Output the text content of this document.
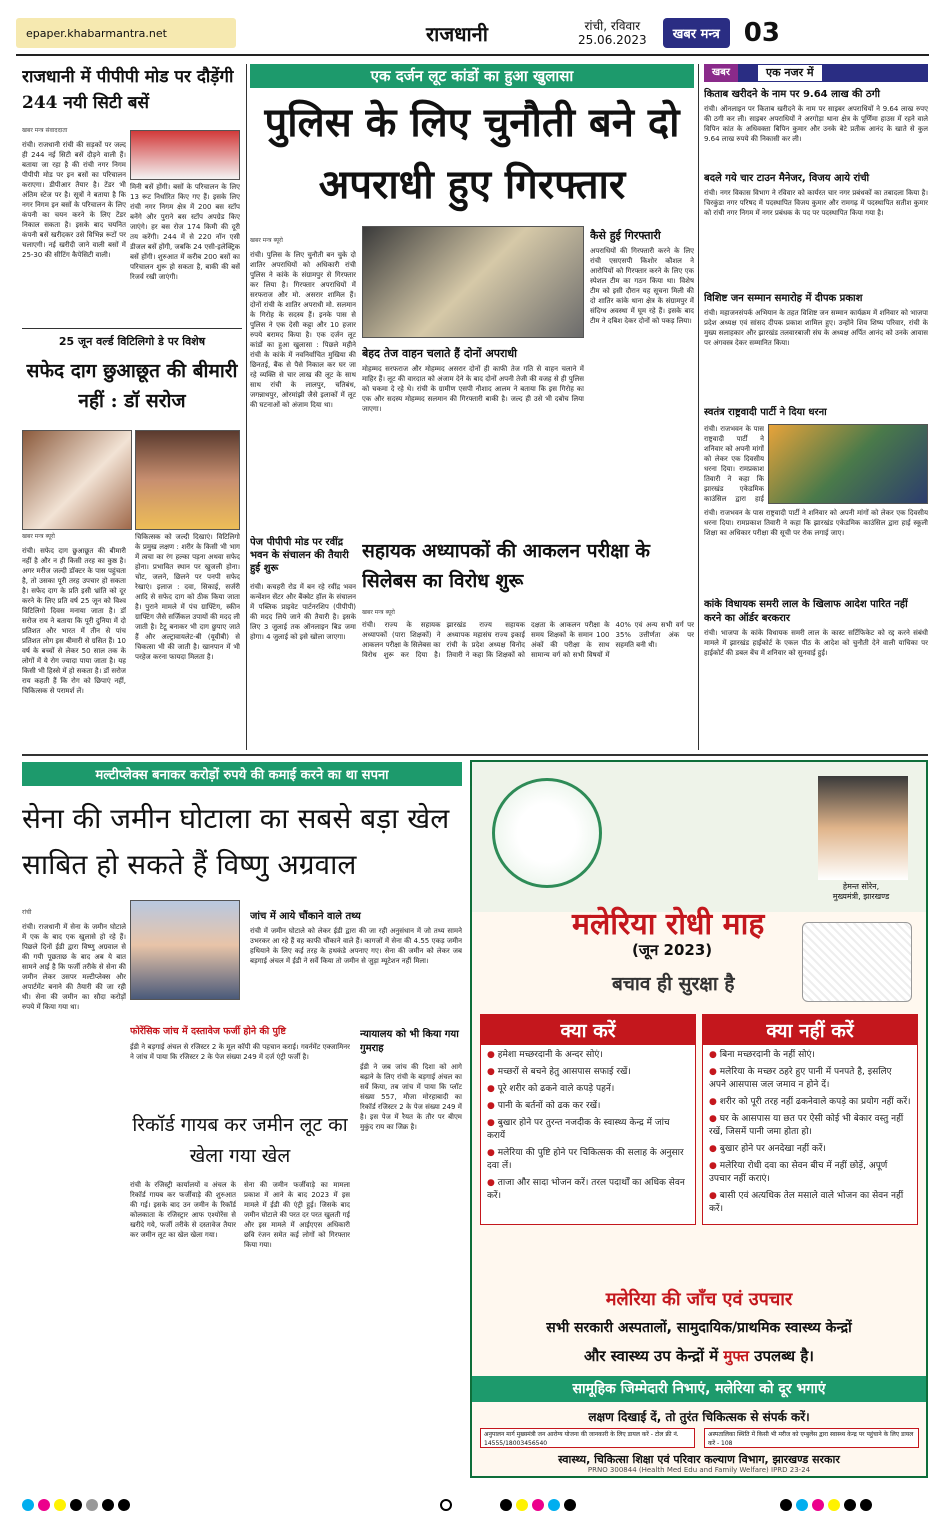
epaper.khabarmantra.net	राजधानी	रांची, रविवार
25.06.2023	खबर मन्त्र 03
राजधानी में पीपीपी मोड पर दौड़ेंगी 244 नयी सिटी बसें
खबर मन्त्र संवाददाता
रांची। राजधानी रांची की सड़कों पर जल्द ही 244 नई सिटी बसें दौड़ने वाली हैं। बताया जा रहा है की रांची नगर निगम पीपीपी मोड पर इन बसों का परिचालन कराएगा। डीपीआर तैयार है। टेंडर भी अंतिम स्टेज पर है। सूत्रों ने बताया है कि नगर निगम इन बसों के परिचालन के लिए कंपनी का चयन करने के लिए टेंडर निकाल सकता है। इसके बाद चयनित कंपनी बसें खरीदकर उसे विभिन्न रूटों पर चलाएगी। नई खरीदी जाने वाली बसों में 25-30 की सीटिंग कैपेसिटी वाली।
मिनी बसें होंगी। बसों के परिचालन के लिए 13 रूट निर्धारित किए गए हैं। इसके लिए रांची नगर निगम क्षेत्र में 200 बस स्टॉप बनेंगे और पुराने बस स्टॉप अपग्रेड किए जाएंगे। हर बस रोज 174 किमी की दूरी तय करेंगी। 244 में से 220 नॉन एसी डीजल बसें होंगी, जबकि 24 एसी-इलेक्ट्रिक बसें होंगी। शुरुआत में करीब 200 बसों का परिचालन शुरू हो सकता है, बाकी की बसें रिजर्व रखी जाएंगी।
25 जून वर्ल्ड विटिलिगो डे पर विशेष
सफेद दाग छुआछूत की बीमारी नहीं : डॉ सरोज
खबर मन्त्र ब्यूरो
रांची। सफेद दाग छुआछूत की बीमारी नहीं है और न ही किसी तरह का कुष्ठ है। अगर मरीज जल्दी डॉक्टर के पास पहुंचता है, तो उसका पूरी तरह उपचार हो सकता है। सफेद दाग के प्रति इसी भ्रांति को दूर करने के लिए प्रति वर्ष 25 जून को विश्व विटिलिगो दिवस मनाया जाता है। डॉ सरोज राय ने बताया कि पूरी दुनिया में दो प्रतिशत और भारत में तीन से पांच प्रतिशत लोग इस बीमारी से ग्रसित हैं। 10 वर्ष के बच्चों से लेकर 50 साल तक के लोगों में ये रोग ज्यादा पाया जाता है। यह किसी भी हिस्से में हो सकता है। डॉ सरोज राय कहती हैं कि रोग को छिपाएं नहीं, चिकित्सक से परामर्श लें।
चिकित्सक को जल्दी दिखाएं। विटिलिगो के प्रमुख लक्षण : शरीर के किसी भी भाग में त्वचा का रंग हल्का पड़ना अथवा सफेद होना। प्रभावित स्थान पर खुजली होना। चोट, जलने, छिलने पर पनपी सफेद रेखाएं। इलाज : दवा, सिकाई, सर्जरी आदि से सफेद दाग को ठीक किया जाता है। पुराने मामले में पंच ग्राफ्टिंग, स्कीन ग्राफ्टिंग जैसे सर्जिकल उपायों की मदद ली जाती है। टैटू बनाकर भी दाग छुपाए जाते हैं और अल्ट्रावायलेट-बी (यूवीबी) से चिकत्सा भी की जाती है। खानपान में भी परहेज करना फायदा मिलता है।
एक दर्जन लूट कांडों का हुआ खुलासा
पुलिस के लिए चुनौती बने दो अपराधी हुए गिरफ्तार
खबर मन्त्र ब्यूरो
रांची। पुलिस के लिए चुनौती बन चुके दो शातिर अपराधियों को अधिकारी रांची पुलिस ने कांके के संग्रामपुर से गिरफ्तार कर लिया है। गिरफ्तार अपराधियों में सरफराज और मो. असरार शामिल हैं। दोनों रांची के शातिर अपराधी मो. सलमान के गिरोह के सदस्य हैं। इनके पास से पुलिस ने एक देसी कट्टा और 10 हजार रुपये बरामद किया है। एक दर्जन लूट कांडों का हुआ खुलासा : पिछले महीने रांची के कांके में नवनिर्वाचित मुखिया की छिनतई, बैंक से पैसे निकाल कर घर जा रहे व्यक्ति से चार लाख की लूट के साथ साथ रांची के लालपुर, चतिबंध, जगन्नाथपुर, ओरमांझी जैसे इलाकों में लूट की घटनाओं को अंजाम दिया था।
कैसे हुई गिरफ्तारी
अपराधियों की गिरफ्तारी करने के लिए रांची एसएसपी किशोर कौशल ने आरोपियों को गिरफ्तार करने के लिए एक स्पेशल टीम का गठन किया था। विशेष टीम को इसी दौरान यह सूचना मिली की दो शातिर कांके थाना क्षेत्र के संग्रामपुर में संदिग्ध अवस्था में घूम रहे हैं। इसके बाद टीम ने दबिश देकर दोनों को पकड़ लिया।
बेहद तेज वाहन चलाते हैं दोनों अपराधी
मोहम्मद सरफराज और मोहम्मद असरार दोनों ही काफी तेज गति से वाहन चलाने में माहिर हैं। लूट की वारदात को अंजाम देने के बाद दोनों अपनी तेजी की वजह से ही पुलिस को चकमा दे रहे थे। रांची के ग्रामीण एसपी नौशाद आलम ने बताया कि इस गिरोह का एक और सदस्य मोहम्मद सलमान की गिरफ्तारी बाकी है। जल्द ही उसे भी दबोच लिया जाएगा।
पेज पीपीपी मोड पर रवींद्र भवन के संचालन की तैयारी हुई शुरू
रांची। कचहरी रोड में बन रहे रवींद्र भवन कन्वेंशन सेंटर और बैंक्वेट हॉल के संचालन में पब्लिक प्राइवेट पार्टनरशिप (पीपीपी) की मदद लिये जाने की तैयारी है। इसके लिए 3 जुलाई तक ऑनलाइन बिड जमा होगा। 4 जुलाई को इसे खोला जाएगा।
सहायक अध्यापकों की आकलन परीक्षा के सिलेबस का विरोध शुरू
खबर मन्त्र ब्यूरो
रांची। राज्य के सहायक अध्यापकों (पारा शिक्षकों) ने आकलन परीक्षा के सिलेबस का विरोध शुरू कर दिया है। झारखंड राज्य सहायक अध्यापक महासंघ राज्य इकाई रांची के प्रदेश अध्यक्ष विनोद तिवारी ने कहा कि शिक्षकों को दक्षता के आकलन परीक्षा के समय शिक्षकों के समान 100 अंकों की परीक्षा के साथ सामान्य वर्ग को सभी विषयों में 40% एवं अन्य सभी वर्ग पर 35% उत्तीर्णता अंक पर सहमति बनी थी।
खबर	एक नजर में
किताब खरीदने के नाम पर 9.64 लाख की ठगी
रांची। ऑनलाइन पर किताब खरीदने के नाम पर साइबर अपराधियों ने 9.64 लाख रुपए की ठगी कर ली। साइबर अपराधियों ने अरगोड़ा थाना क्षेत्र के पूर्णिमा हाउस में रहने वाले विपिन कांत के अधिवक्ता बिपिन कुमार और उनके बेटे प्रतीक आनंद के खाते से कुल 9.64 लाख रुपये की निकासी कर ली।
बदले गये चार टाउन मैनेजर, विजय आये रांची
रांची। नगर विकास विभाग ने रविवार को कार्यरत चार नगर प्रबंधकों का तबादला किया है। चिरकुंडा नगर परिषद में पदस्थापित विजय कुमार और रामगढ़ में पदस्थापित सतीश कुमार को रांची नगर निगम में नगर प्रबंधक के पद पर पदस्थापित किया गया है।
विशिष्ट जन सम्मान समारोह में दीपक प्रकाश
रांची। महाजनसंपर्क अभियान के तहत विशिष्ट जन सम्मान कार्यक्रम में शनिवार को भाजपा प्रदेश अध्यक्ष एवं सांसद दीपक प्रकाश शामिल हुए। उन्होंने शिव शिष्य परिवार, रांची के मुख्य सलाहकार और झारखंड तलवारबाजी संघ के अध्यक्ष अर्पित आनंद को उनके आवास पर अंगवस्त्र देकर सम्मानित किया।
स्वतंत्र राष्ट्रवादी पार्टी ने दिया धरना
रांची। राजभवन के पास राष्ट्रवादी पार्टी ने शनिवार को अपनी मांगों को लेकर एक दिवसीय धरना दिया। रामप्रकाश तिवारी ने कहा कि झारखंड एकेडमिक काउंसिल द्वारा हाई
रांची। राजभवन के पास राष्ट्रवादी पार्टी ने शनिवार को अपनी मांगों को लेकर एक दिवसीय धरना दिया। रामप्रकाश तिवारी ने कहा कि झारखंड एकेडमिक काउंसिल द्वारा हाई स्कूली शिक्षा का अधिकार परीक्षा की सूची पर रोक लगाई जाए।
कांके विधायक समरी लाल के खिलाफ आदेश पारित नहीं करने का ऑर्डर बरकरार
रांची। भाजपा के कांके विधायक समरी लाल के कास्ट सर्टिफिकेट को रद्द करने संबंधी मामले में झारखंड हाईकोर्ट के एकल पीठ के आदेश को चुनौती देने वाली याचिका पर हाईकोर्ट की डबल बेंच में शनिवार को सुनवाई हुई।
मल्टीप्लेक्स बनाकर करोड़ों रुपये की कमाई करने का था सपना
सेना की जमीन घोटाला का सबसे बड़ा खेल साबित हो सकते हैं विष्णु अग्रवाल
रांची
रांची। राजधानी में सेना के जमीन घोटाले में एक के बाद एक खुलासे हो रहे हैं। पिछले दिनों ईडी द्वारा विष्णु अग्रवाल से की गयी पूछताछ के बाद अब ये बात सामने आई है कि फर्जी तरीके से सेना की जमीन लेकर उसपर मल्टीप्लेक्स और अपार्टमेंट बनाने की तैयारी की जा रही थी। सेना की जमीन का सौदा करोड़ों रुपये में किया गया था।
जांच में आये चौंकाने वाले तथ्य
रांची में जमीन घोटाले को लेकर ईडी द्वारा की जा रही अनुसंधान में जो तथ्य सामने उभरकर आ रहे हैं वह काफी चौंकाने वाले हैं। कागजों में सेना की 4.55 एकड़ जमीन हथियाने के लिए कई तरह के हथकंडे अपनाए गए। सेना की जमीन को लेकर जब बड़गाई अंचल में ईडी ने सर्वे किया तो जमीन से जुड़ा म्यूटेशन नहीं मिला।
फोरेंसिक जांच में दस्तावेज फर्जी होने की पुष्टि
ईडी ने बड़गाई अंचल से रजिस्टर 2 के मूल कॉपी की पहचान कराई। गवर्नमेंट एक्जामिनर ने जांच में पाया कि रजिस्टर 2 के पेज संख्या 249 में दर्ज एंट्री फर्जी है।
रिकॉर्ड गायब कर जमीन लूट का खेला गया खेल
रांची के रजिस्ट्री कार्यालयों व अंचल के रिकॉर्ड गायब कर फर्जीवाड़े की शुरुआत की गई। इसके बाद उन जमीन के रिकॉर्ड कोलकाता के रजिस्ट्रार आफ एश्योरेंस से खरीदे गये, फर्जी तरीके से दस्तावेज तैयार कर जमीन लूट का खेल खेला गया।
सेना की जमीन फर्जीवाड़े का मामला प्रकाश में आने के बाद 2023 में इस मामले में ईडी की एंट्री हुई। जिसके बाद जमीन घोटाले की परत दर परत खुलती गई और इस मामले में आईएएस अधिकारी छवि रंजन समेत कई लोगों को गिरफ्तार किया गया।
न्यायालय को भी किया गया गुमराह
ईडी ने जब जांच की दिशा को आगे बढ़ाने के लिए रांची के बड़गाई अंचल का सर्वे किया, तब जांच में पाया कि प्लॉट संख्या 557, मौजा मोरहाबादी का रिकॉर्ड रजिस्टर 2 के पेज संख्या 249 में है। इस पेज में रैयत के तौर पर बीएम मुकुंद राय का जिक्र है।
हेमन्त सोरेन,
मुख्यमंत्री, झारखण्ड
मलेरिया रोधी माह
(जून 2023)
बचाव ही सुरक्षा है
क्या करें	क्या नहीं करें
● हमेशा मच्छरदानी के अन्दर सोएं।
● मच्छरों से बचने हेतु आसपास सफाई रखें।
● पूरे शरीर को ढकने वाले कपड़े पहनें।
● पानी के बर्तनों को ढक कर रखें।
● बुखार होने पर तुरन्त नजदीक के स्वास्थ्य केन्द्र में जांच करायें
● मलेरिया की पुष्टि होने पर चिकित्सक की सलाह के अनुसार दवा लें।
● ताजा और सादा भोजन करें। तरल पदार्थों का अधिक सेवन करें।
● बिना मच्छरदानी के नहीं सोएं।
● मलेरिया के मच्छर ठहरे हुए पानी में पनपते है, इसलिए अपने आसपास जल जमाव न होने दें।
● शरीर को पूरी तरह नहीं ढकनेवाले कपड़े का प्रयोग नहीं करें।
● घर के आसपास या छत पर ऐसी कोई भी बेकार वस्तु नहीं रखें, जिसमें पानी जमा होता हो।
● बुखार होने पर अनदेखा नहीं करें।
● मलेरिया रोधी दवा का सेवन बीच में नहीं छोड़ें, अपूर्ण उपचार नहीं कराएं।
● बासी एवं अत्यधिक तेल मसाले वाले भोजन का सेवन नहीं करें।
मलेरिया की जाँच एवं उपचार
सभी सरकारी अस्पतालों, सामुदायिक/प्राथमिक स्वास्थ्य केन्द्रों
और स्वास्थ्य उप केन्द्रों में मुफ्त उपलब्ध है।
सामूहिक जिम्मेदारी निभाएं, मलेरिया को दूर भगाएं
लक्षण दिखाई दें, तो तुरंत चिकित्सक से संपर्क करें।
अनुपालन मार्ग मुख्यमंत्री जन आरोग्य योजना की जानकारी के लिए डायल करें - टोल फ्री नं. 14555/18003456540
अस्पतालिका स्थिति में किसी भी मरीज को एम्बुलेंस द्वारा स्वास्थ्य केन्द्र पर पहुंचाने के लिए डायल करें - 108
स्वास्थ्य, चिकित्सा शिक्षा एवं परिवार कल्याण विभाग, झारखण्ड सरकार
PRNO 300844 (Health Med Edu and Family Welfare) IPRD 23-24
